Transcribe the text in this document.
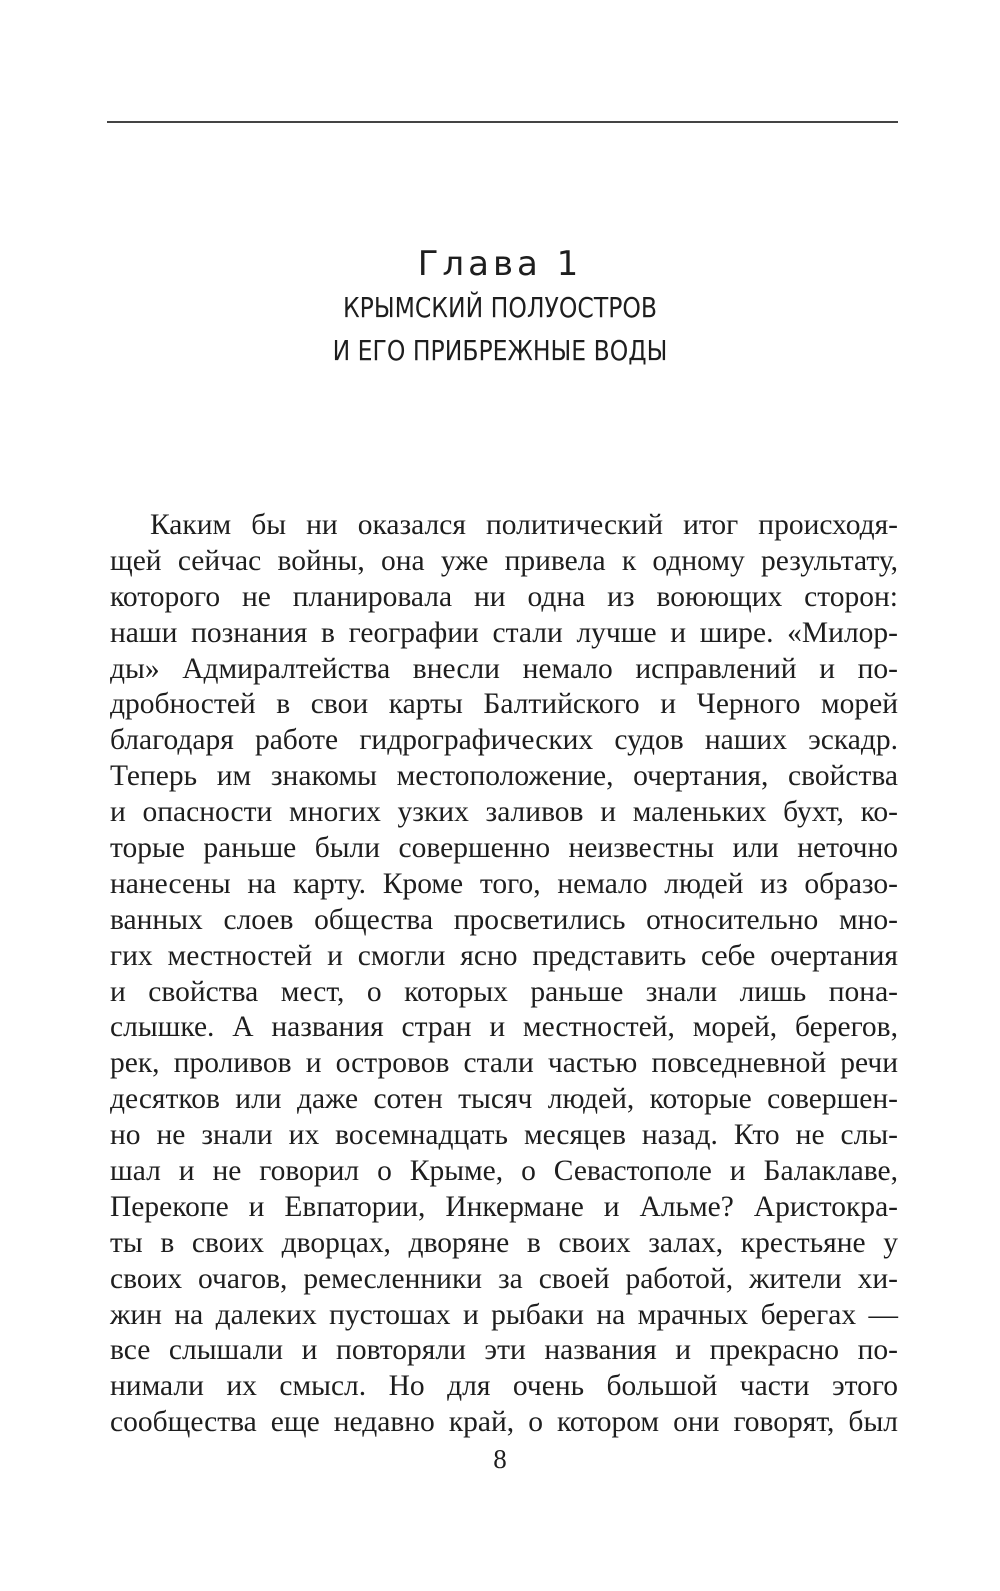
Глава 1
КРЫМСКИЙ ПОЛУОСТРОВ
И ЕГО ПРИБРЕЖНЫЕ ВОДЫ
Каким бы ни оказался политический итог происходя-
щей сейчас войны, она уже привела к одному результату,
которого не планировала ни одна из воюющих сторон:
наши познания в географии стали лучше и шире. «Милор-
ды» Адмиралтейства внесли немало исправлений и по-
дробностей в свои карты Балтийского и Черного морей
благодаря работе гидрографических судов наших эскадр.
Теперь им знакомы местоположение, очертания, свойства
и опасности многих узких заливов и маленьких бухт, ко-
торые раньше были совершенно неизвестны или неточно
нанесены на карту. Кроме того, немало людей из образо-
ванных слоев общества просветились относительно мно-
гих местностей и смогли ясно представить себе очертания
и свойства мест, о которых раньше знали лишь пона-
слышке. А названия стран и местностей, морей, берегов,
рек, проливов и островов стали частью повседневной речи
десятков или даже сотен тысяч людей, которые совершен-
но не знали их восемнадцать месяцев назад. Кто не слы-
шал и не говорил о Крыме, о Севастополе и Балаклаве,
Перекопе и Евпатории, Инкермане и Альме? Аристокра-
ты в своих дворцах, дворяне в своих залах, крестьяне у
своих очагов, ремесленники за своей работой, жители хи-
жин на далеких пустошах и рыбаки на мрачных берегах —
все слышали и повторяли эти названия и прекрасно по-
нимали их смысл. Но для очень большой части этого
сообщества еще недавно край, о котором они говорят, был
8
